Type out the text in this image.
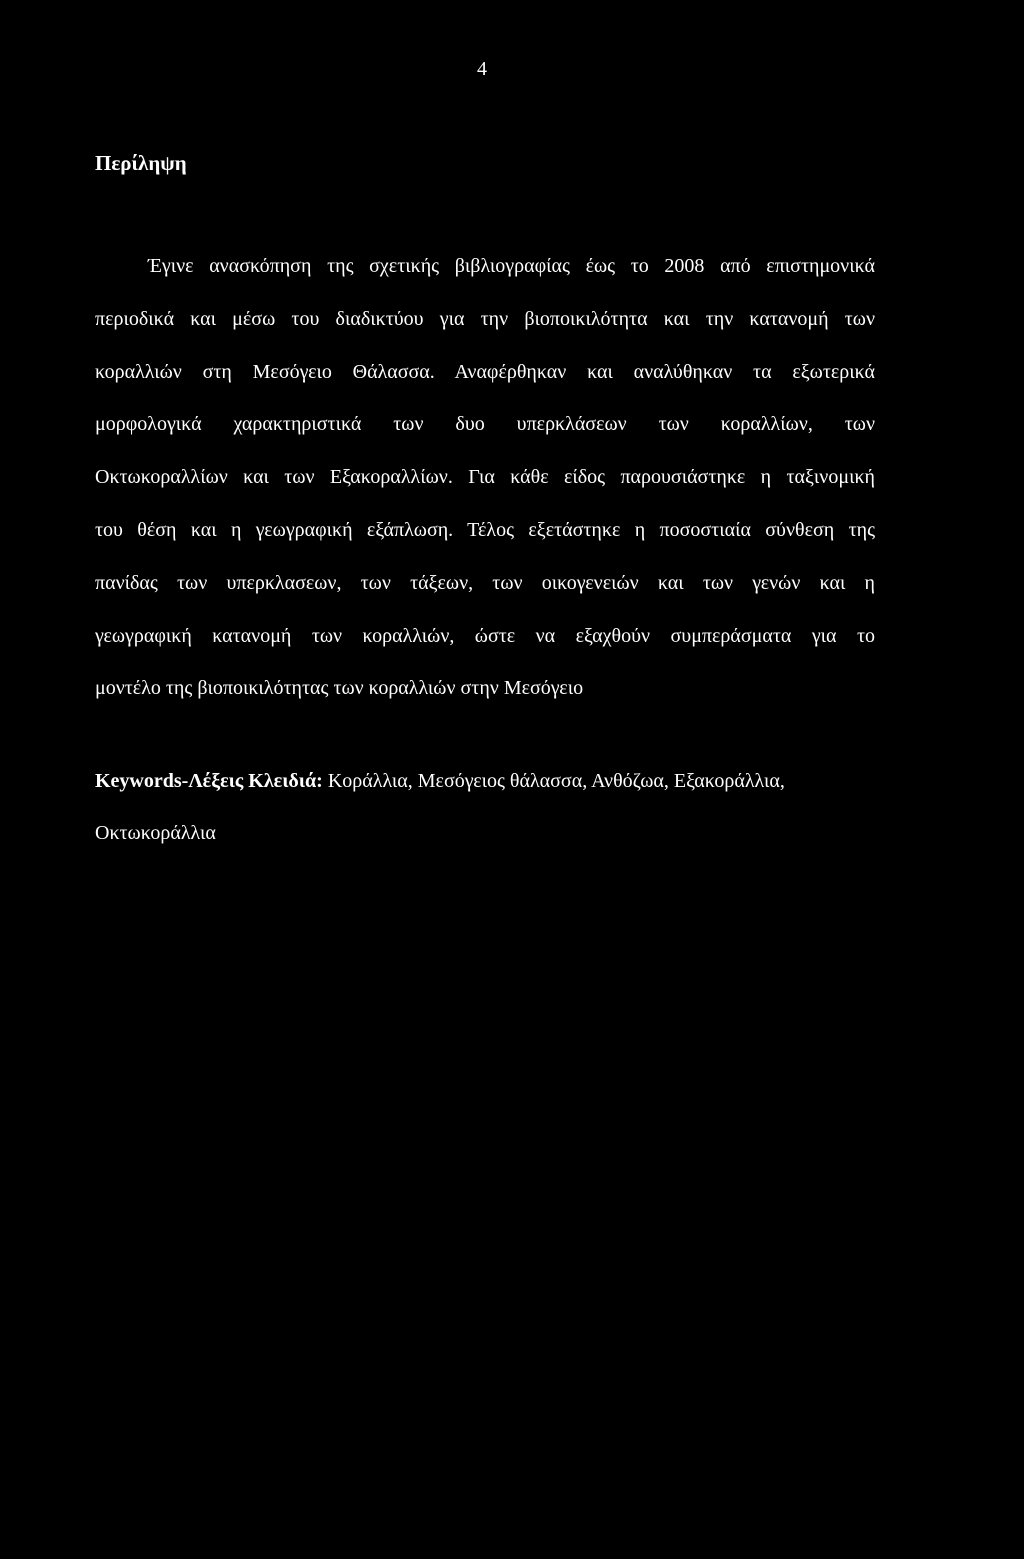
4
Περίληψη
Έγινε ανασκόπηση της σχετικής βιβλιογραφίας έως το 2008 από επιστημονικά
περιοδικά και μέσω του διαδικτύου για την βιοποικιλότητα και την κατανομή των
κοραλλιών στη Μεσόγειο Θάλασσα. Αναφέρθηκαν και αναλύθηκαν τα εξωτερικά
μορφολογικά χαρακτηριστικά των δυο υπερκλάσεων των κοραλλίων, των
Οκτωκοραλλίων και των Εξακοραλλίων. Για κάθε είδος παρουσιάστηκε η ταξινομική
του θέση και η γεωγραφική εξάπλωση. Τέλος εξετάστηκε η ποσοστιαία σύνθεση της
πανίδας των υπερκλασεων, των τάξεων, των οικογενειών και των γενών και η
γεωγραφική κατανομή των κοραλλιών, ώστε να εξαχθούν συμπεράσματα για το
μοντέλο της βιοποικιλότητας των κοραλλιών στην Μεσόγειο
Keywords-Λέξεις Κλειδιά: Κοράλλια, Μεσόγειος θάλασσα, Ανθόζωα, Εξακοράλλια,
Οκτωκοράλλια
